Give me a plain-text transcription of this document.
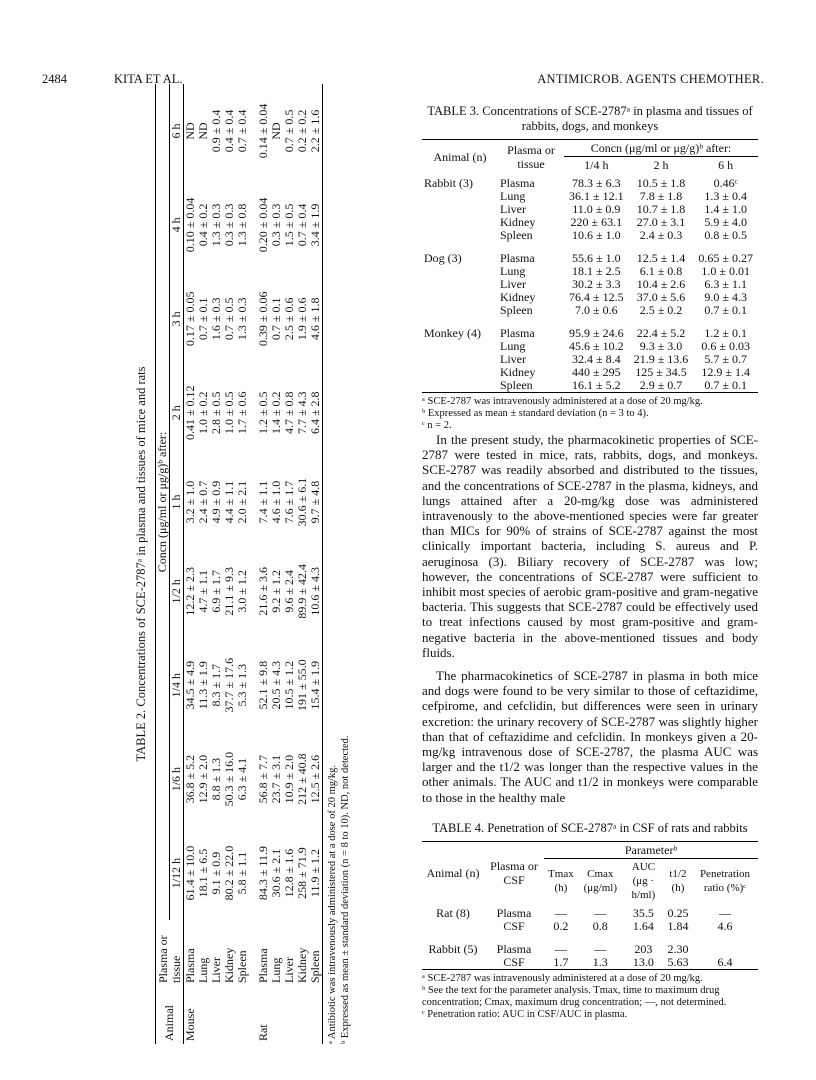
2484	KITA ET AL.	ANTIMICROB. AGENTS CHEMOTHER.
TABLE 2. Concentrations of SCE-2787ᵃ in plasma and tissues of mice and rats
Animal	Plasma or tissue	Concn (μg/ml or μg/g)ᵇ after:								
		1/12 h	1/6 h	1/4 h	1/2 h	1 h	2 h	3 h	4 h	6 h
Mouse	Plasma	61.4 ± 10.0	36.8 ± 5.2	34.5 ± 4.9	12.2 ± 2.3	3.2 ± 1.0	0.41 ± 0.12	0.17 ± 0.05	0.10 ± 0.04	ND
	Lung	18.1 ± 6.5	12.9 ± 2.0	11.3 ± 1.9	4.7 ± 1.1	2.4 ± 0.7	1.0 ± 0.2	0.7 ± 0.1	0.4 ± 0.2	ND
	Liver	9.1 ± 0.9	8.8 ± 1.3	8.3 ± 1.7	6.9 ± 1.7	4.9 ± 0.9	2.8 ± 0.5	1.6 ± 0.3	1.3 ± 0.3	0.9 ± 0.4
	Kidney	80.2 ± 22.0	50.3 ± 16.0	37.7 ± 17.6	21.1 ± 9.3	4.4 ± 1.1	1.0 ± 0.5	0.7 ± 0.5	0.3 ± 0.3	0.4 ± 0.4
	Spleen	5.8 ± 1.1	6.3 ± 4.1	5.3 ± 1.3	3.0 ± 1.2	2.0 ± 2.1	1.7 ± 0.6	1.3 ± 0.3	1.3 ± 0.8	0.7 ± 0.4
Rat	Plasma	84.3 ± 11.9	56.8 ± 7.7	52.1 ± 9.8	21.6 ± 3.6	7.4 ± 1.1	1.2 ± 0.5	0.39 ± 0.06	0.20 ± 0.04	0.14 ± 0.04
	Lung	30.6 ± 2.1	23.7 ± 3.1	20.5 ± 4.3	9.2 ± 1.2	4.6 ± 1.0	1.4 ± 0.2	0.7 ± 0.1	0.3 ± 0.3	ND
	Liver	12.8 ± 1.6	10.9 ± 2.0	10.5 ± 1.2	9.6 ± 2.4	7.6 ± 1.7	4.7 ± 0.8	2.5 ± 0.6	1.5 ± 0.5	0.7 ± 0.5
	Kidney	258 ± 71.9	212 ± 40.8	191 ± 55.0	89.9 ± 42.4	30.6 ± 6.1	7.7 ± 4.3	1.9 ± 0.6	0.7 ± 0.4	0.2 ± 0.2
	Spleen	11.9 ± 1.2	12.5 ± 2.6	15.4 ± 1.9	10.6 ± 4.3	9.7 ± 4.8	6.4 ± 2.8	4.6 ± 1.8	3.4 ± 1.9	2.2 ± 1.6
ᵃ Antibiotic was intravenously administered at a dose of 20 mg/kg. ᵇ Expressed as mean ± standard deviation (n = 8 to 10). ND, not detected.
TABLE 3. Concentrations of SCE-2787ᵃ in plasma and tissues of rabbits, dogs, and monkeys
Animal (n)	Plasma or tissue	Concn (μg/ml or μg/g)ᵇ after:		
		1/4 h	2 h	6 h
Rabbit (3)	Plasma	78.3 ± 6.3	10.5 ± 1.8	0.46ᶜ
	Lung	36.1 ± 12.1	7.8 ± 1.8	1.3 ± 0.4
	Liver	11.0 ± 0.9	10.7 ± 1.8	1.4 ± 1.0
	Kidney	220 ± 63.1	27.0 ± 3.1	5.9 ± 4.0
	Spleen	10.6 ± 1.0	2.4 ± 0.3	0.8 ± 0.5
Dog (3)	Plasma	55.6 ± 1.0	12.5 ± 1.4	0.65 ± 0.27
	Lung	18.1 ± 2.5	6.1 ± 0.8	1.0 ± 0.01
	Liver	30.2 ± 3.3	10.4 ± 2.6	6.3 ± 1.1
	Kidney	76.4 ± 12.5	37.0 ± 5.6	9.0 ± 4.3
	Spleen	7.0 ± 0.6	2.5 ± 0.2	0.7 ± 0.1
Monkey (4)	Plasma	95.9 ± 24.6	22.4 ± 5.2	1.2 ± 0.1
	Lung	45.6 ± 10.2	9.3 ± 3.0	0.6 ± 0.03
	Liver	32.4 ± 8.4	21.9 ± 13.6	5.7 ± 0.7
	Kidney	440 ± 295	125 ± 34.5	12.9 ± 1.4
	Spleen	16.1 ± 5.2	2.9 ± 0.7	0.7 ± 0.1
ᵃ SCE-2787 was intravenously administered at a dose of 20 mg/kg.
ᵇ Expressed as mean ± standard deviation (n = 3 to 4).
ᶜ n = 2.

In the present study, the pharmacokinetic properties of SCE-2787 were tested in mice, rats, rabbits, dogs, and monkeys. SCE-2787 was readily absorbed and distributed to the tissues, and the concentrations of SCE-2787 in the plasma, kidneys, and lungs attained after a 20-mg/kg dose was administered intravenously to the above-mentioned species were far greater than MICs for 90% of strains of SCE-2787 against the most clinically important bacteria, including S. aureus and P. aeruginosa (3). Biliary recovery of SCE-2787 was low; however, the concentrations of SCE-2787 were sufficient to inhibit most species of aerobic gram-positive and gram-negative bacteria. This suggests that SCE-2787 could be effectively used to treat infections caused by most gram-positive and gram-negative bacteria in the above-mentioned tissues and body fluids.

The pharmacokinetics of SCE-2787 in plasma in both mice and dogs were found to be very similar to those of ceftazidime, cefpirome, and cefclidin, but differences were seen in urinary excretion: the urinary recovery of SCE-2787 was slightly higher than that of ceftazidime and cefclidin. In monkeys given a 20-mg/kg intravenous dose of SCE-2787, the plasma AUC was larger and the t1/2 was longer than the respective values in the other animals. The AUC and t1/2 in monkeys were comparable to those in the healthy male

TABLE 4. Penetration of SCE-2787ᵃ in CSF of rats and rabbits
Animal (n)	Plasma or CSF	Parameterᵇ				
		Tmax (h)	Cmax (μg/ml)	AUC (μg · h/ml)	t1/2 (h)	Penetration ratio (%)ᶜ
Rat (8)	Plasma	—	—	35.5	0.25	—
	CSF	0.2	0.8	1.64	1.84	4.6
Rabbit (5)	Plasma	—	—	203	2.30	
	CSF	1.7	1.3	13.0	5.63	6.4
ᵃ SCE-2787 was intravenously administered at a dose of 20 mg/kg.
ᵇ See the text for the parameter analysis. Tmax, time to maximum drug concentration; Cmax, maximum drug concentration; —, not determined.
ᶜ Penetration ratio: AUC in CSF/AUC in plasma.
